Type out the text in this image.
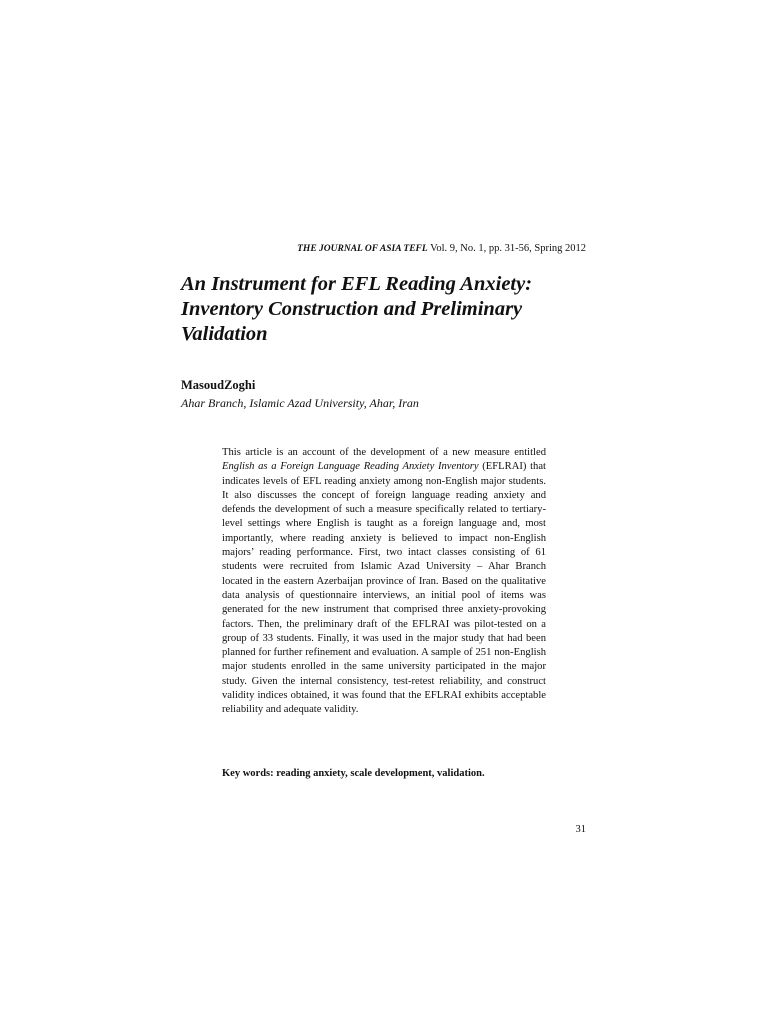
THE JOURNAL OF ASIA TEFL Vol. 9, No. 1, pp. 31-56, Spring 2012
An Instrument for EFL Reading Anxiety:
Inventory Construction and Preliminary
Validation
MasoudZoghi
Ahar Branch, Islamic Azad University, Ahar, Iran

This article is an account of the development of a new measure entitled English as a Foreign Language Reading Anxiety Inventory (EFLRAI) that indicates levels of EFL reading anxiety among non-English major students. It also discusses the concept of foreign language reading anxiety and defends the development of such a measure specifically related to tertiary-level settings where English is taught as a foreign language and, most importantly, where reading anxiety is believed to impact non-English majors’ reading performance. First, two intact classes consisting of 61 students were recruited from Islamic Azad University – Ahar Branch located in the eastern Azerbaijan province of Iran. Based on the qualitative data analysis of questionnaire interviews, an initial pool of items was generated for the new instrument that comprised three anxiety-provoking factors. Then, the preliminary draft of the EFLRAI was pilot-tested on a group of 33 students. Finally, it was used in the major study that had been planned for further refinement and evaluation. A sample of 251 non-English major students enrolled in the same university participated in the major study. Given the internal consistency, test-retest reliability, and construct validity indices obtained, it was found that the EFLRAI exhibits acceptable reliability and adequate validity.

Key words: reading anxiety, scale development, validation.
31
